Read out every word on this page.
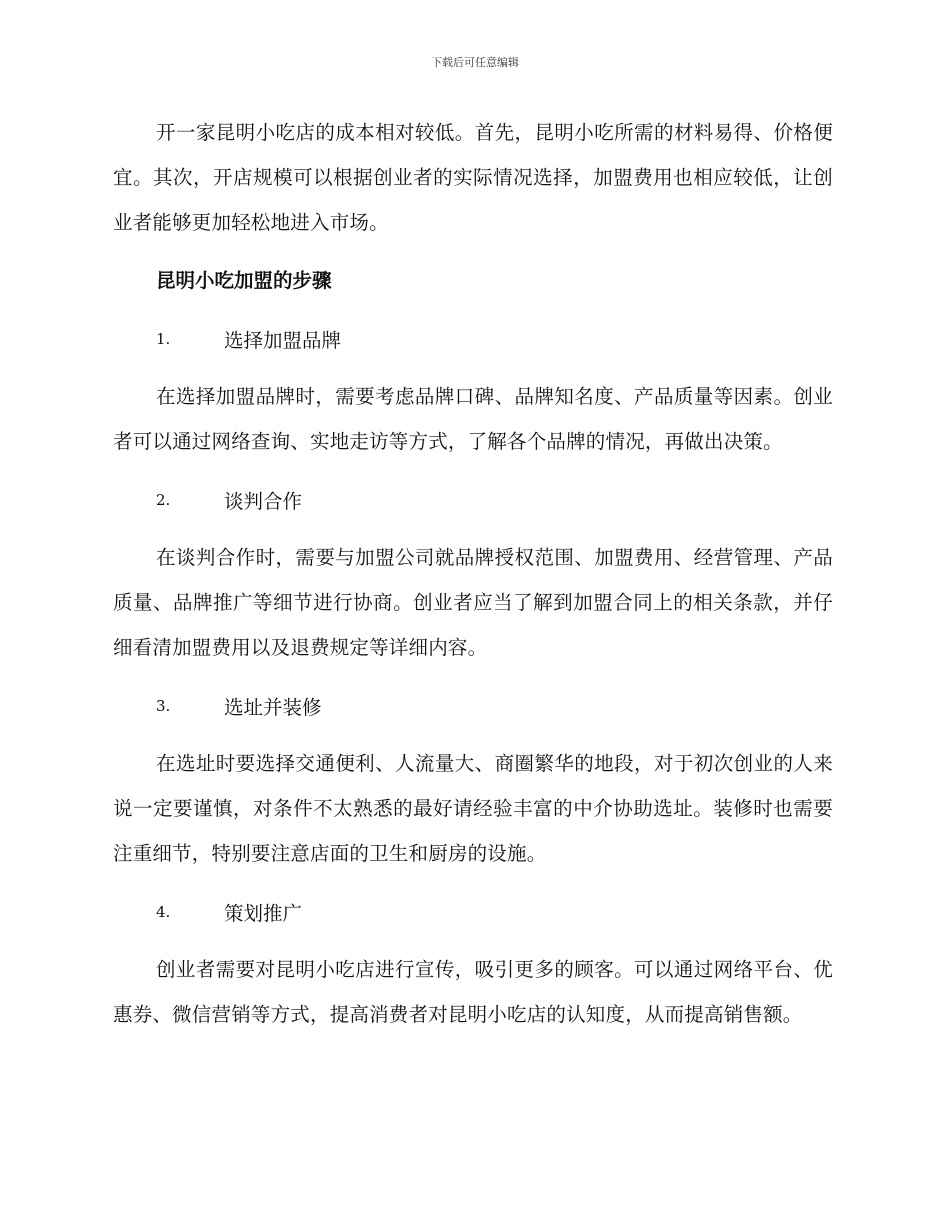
下载后可任意编辑

开一家昆明小吃店的成本相对较低。首先，昆明小吃所需的材料易得、价格便宜。其次，开店规模可以根据创业者的实际情况选择，加盟费用也相应较低，让创业者能够更加轻松地进入市场。

昆明小吃加盟的步骤
1.	选择加盟品牌

在选择加盟品牌时，需要考虑品牌口碑、品牌知名度、产品质量等因素。创业者可以通过网络查询、实地走访等方式，了解各个品牌的情况，再做出决策。

2.	谈判合作

在谈判合作时，需要与加盟公司就品牌授权范围、加盟费用、经营管理、产品质量、品牌推广等细节进行协商。创业者应当了解到加盟合同上的相关条款，并仔细看清加盟费用以及退费规定等详细内容。

3.	选址并装修

在选址时要选择交通便利、人流量大、商圈繁华的地段，对于初次创业的人来说一定要谨慎，对条件不太熟悉的最好请经验丰富的中介协助选址。装修时也需要注重细节，特别要注意店面的卫生和厨房的设施。

4.	策划推广

创业者需要对昆明小吃店进行宣传，吸引更多的顾客。可以通过网络平台、优惠券、微信营销等方式，提高消费者对昆明小吃店的认知度，从而提高销售额。
